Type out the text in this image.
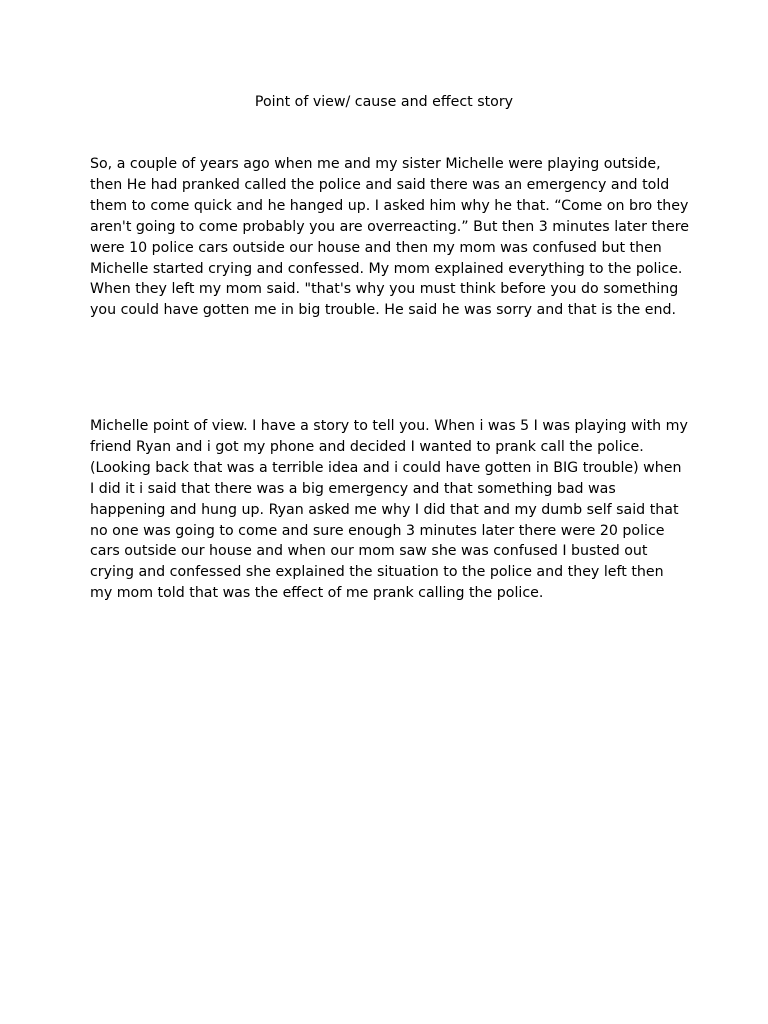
Point of view/ cause and effect story

So, a couple of years ago when me and my sister Michelle were playing outside, then He had pranked called the police and said there was an emergency and told them to come quick and he hanged up. I asked him why he that. “Come on bro they aren't going to come probably you are overreacting.” But then 3 minutes later there were 10 police cars outside our house and then my mom was confused but then Michelle started crying and confessed. My mom explained everything to the police. When they left my mom said. "that's why you must think before you do something you could have gotten me in big trouble. He said he was sorry and that is the end.

Michelle point of view. I have a story to tell you. When i was 5 I was playing with my friend Ryan and i got my phone and decided I wanted to prank call the police. (Looking back that was a terrible idea and i could have gotten in BIG trouble) when I did it i said that there was a big emergency and that something bad was happening and hung up. Ryan asked me why I did that and my dumb self said that no one was going to come and sure enough 3 minutes later there were 20 police cars outside our house and when our mom saw she was confused I busted out crying and confessed she explained the situation to the police and they left then my mom told that was the effect of me prank calling the police.
